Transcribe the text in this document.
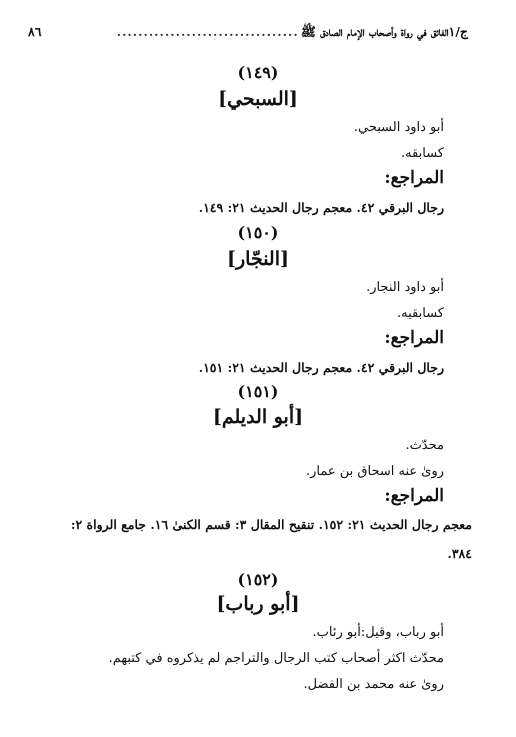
ج/١
الفائق في رواة وأصحاب الإمام الصادق ﷺ
..................................
٨٦
(١٤٩)
[السبحي]
أبو داود السبحي.
كسابقه.
المراجع:
رجال البرقي ٤٢. معجم رجال الحديث ٢١: ١٤٩.
(١٥٠)
[النجّار]
أبو داود النجار.
كسابقيه.
المراجع:
رجال البرقي ٤٢. معجم رجال الحديث ٢١: ١٥١.
(١٥١)
[أبو الديلم]
محدّث.
روىٰ عنه اسحاق بن عمار.
المراجع:
معجم رجال الحديث ٢١: ١٥٢. تنقيح المقال ٣: قسم الكنىٰ ١٦. جامع الرواة ٢:
٣٨٤.
(١٥٢)
[أبو رباب]
أبو رباب، وقيل:أبو رئاب.
محدّث اكثر أصحاب كتب الرجال والتراجم لم يذكروه في كتبهم.
روىٰ عنه محمد بن الفضل.
